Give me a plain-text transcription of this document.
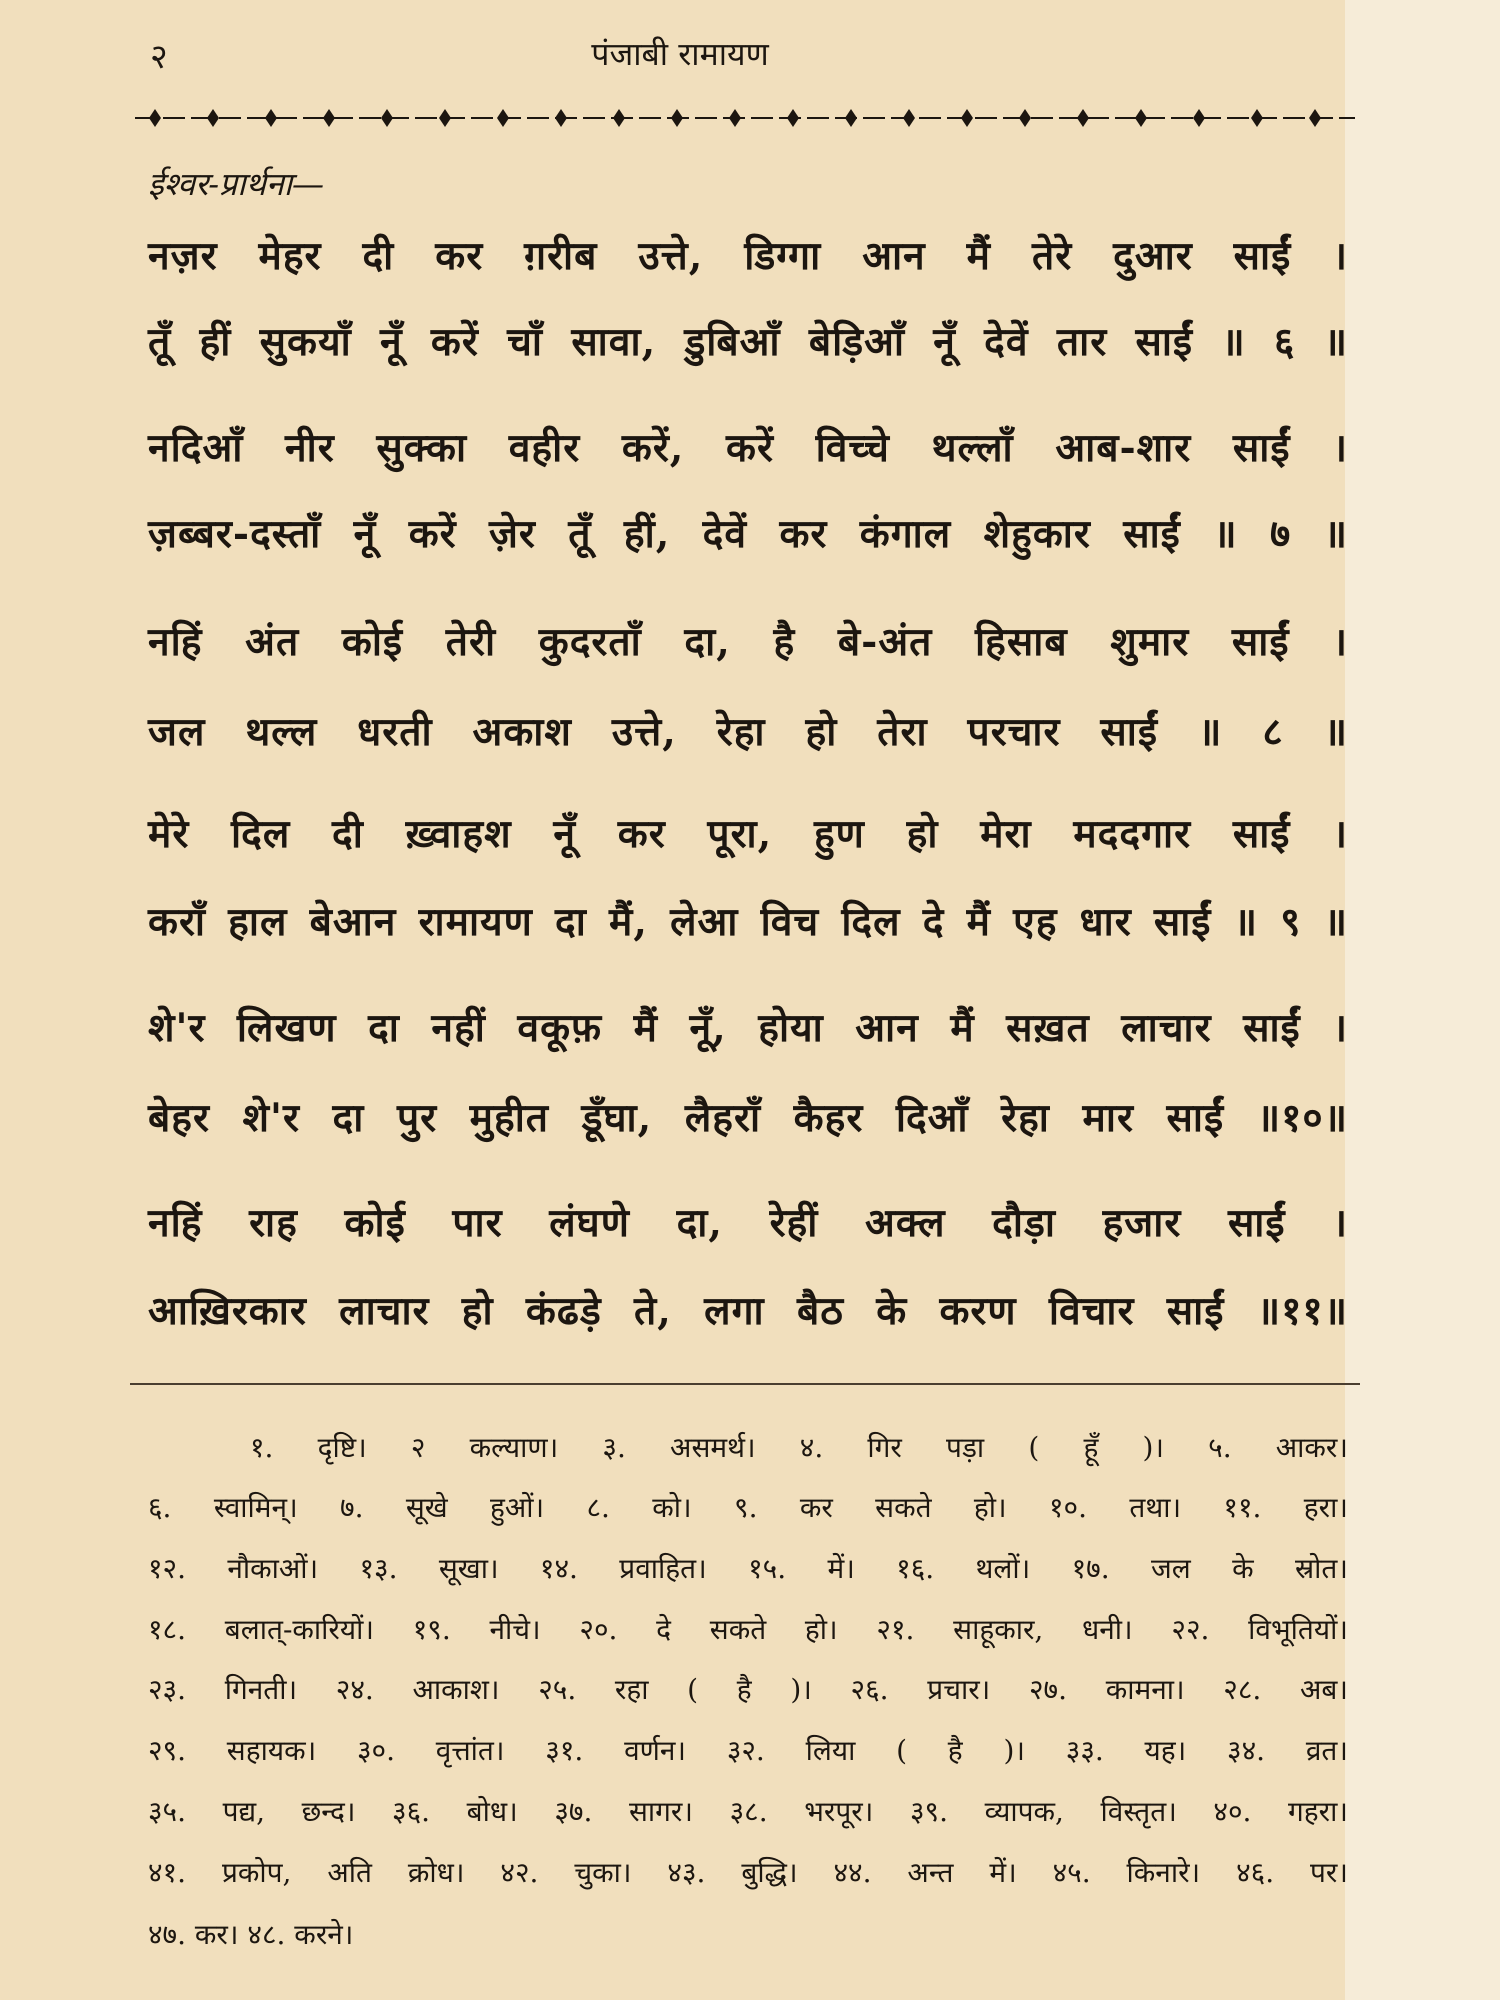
२	पंजाबी रामायण
ईश्वर-प्रार्थना—
नज़र मेहर दी कर ग़रीब उत्ते, डिग्गा आन मैं तेरे दुआर साईं ।
तूँ हीं सुकयाँ नूँ करें चाँ सावा, डुबिआँ बेड़िआँ नूँ देवें तार साईं ॥ ६ ॥
नदिआँ नीर सुक्का वहीर करें, करें विच्चे थल्लाँ आब-शार साईं ।
ज़ब्बर-दस्ताँ नूँ करें ज़ेर तूँ हीं, देवें कर कंगाल शेहुकार साईं ॥ ७ ॥
नहिं अंत कोई तेरी कुदरताँ दा, है बे-अंत हिसाब शुमार साईं ।
जल थल्ल धरती अकाश उत्ते, रेहा हो तेरा परचार साईं ॥ ८ ॥
मेरे दिल दी ख़्वाहश नूँ कर पूरा, हुण हो मेरा मददगार साईं ।
कराँ हाल बेआन रामायण दा मैं, लेआ विच दिल दे मैं एह धार साईं ॥ ९ ॥
शे'र लिखण दा नहीं वकूफ़ मैं नूँ, होया आन मैं सख़त लाचार साईं ।
बेहर शे'र दा पुर मुहीत डूँघा, लैहराँ कैहर दिआँ रेहा मार साईं ॥१०॥
नहिं राह कोई पार लंघणे दा, रेहीं अक्ल दौड़ा हजार साईं ।
आख़िरकार लाचार हो कंढड़े ते, लगा बैठ के करण विचार साईं ॥११॥
१. दृष्टि। २ कल्याण। ३. असमर्थ। ४. गिर पड़ा ( हूँ )। ५. आकर।
६. स्वामिन्। ७. सूखे हुओं। ८. को। ९. कर सकते हो। १०. तथा। ११. हरा।
१२. नौकाओं। १३. सूखा। १४. प्रवाहित। १५. में। १६. थलों। १७. जल के स्रोत।
१८. बलात्-कारियों। १९. नीचे। २०. दे सकते हो। २१. साहूकार, धनी। २२. विभूतियों।
२३. गिनती। २४. आकाश। २५. रहा ( है )। २६. प्रचार। २७. कामना। २८. अब।
२९. सहायक। ३०. वृत्तांत। ३१. वर्णन। ३२. लिया ( है )। ३३. यह। ३४. व्रत।
३५. पद्य, छन्द। ३६. बोध। ३७. सागर। ३८. भरपूर। ३९. व्यापक, विस्तृत। ४०. गहरा।
४१. प्रकोप, अति क्रोध। ४२. चुका। ४३. बुद्धि। ४४. अन्त में। ४५. किनारे। ४६. पर।
४७. कर। ४८. करने।
